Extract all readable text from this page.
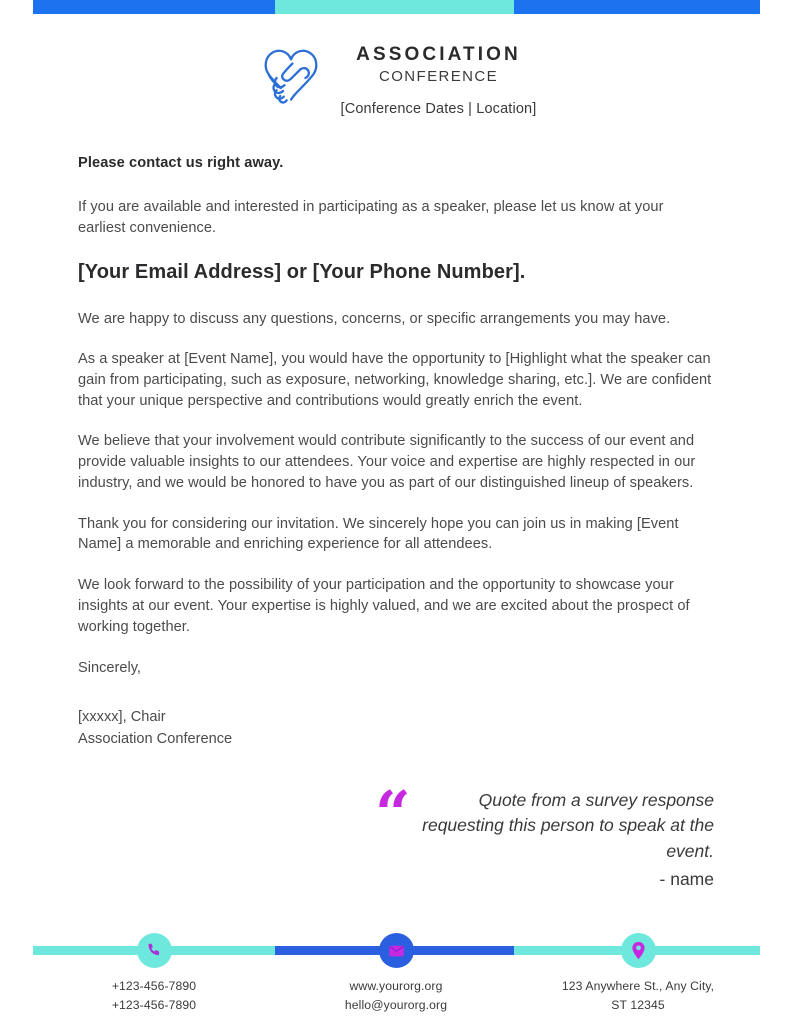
ASSOCIATION
CONFERENCE
[Conference Dates | Location]
Please contact us right away.

If you are available and interested in participating as a speaker, please let us know at your earliest convenience.

[Your Email Address] or [Your Phone Number].

We are happy to discuss any questions, concerns, or specific arrangements you may have.

As a speaker at [Event Name], you would have the opportunity to [Highlight what the speaker can gain from participating, such as exposure, networking, knowledge sharing, etc.]. We are confident that your unique perspective and contributions would greatly enrich the event.

We believe that your involvement would contribute significantly to the success of our event and provide valuable insights to our attendees. Your voice and expertise are highly respected in our industry, and we would be honored to have you as part of our distinguished lineup of speakers.

Thank you for considering our invitation. We sincerely hope you can join us in making [Event Name] a memorable and enriching experience for all attendees.

We look forward to the possibility of your participation and the opportunity to showcase your insights at our event. Your expertise is highly valued, and we are excited about the prospect of working together.

Sincerely,
[xxxxx], Chair
Association Conference
“	Quote from a survey response requesting this person to speak at the event.
- name
+123-456-7890
+123-456-7890
www.yourorg.org
hello@yourorg.org
123 Anywhere St., Any City,
ST 12345
